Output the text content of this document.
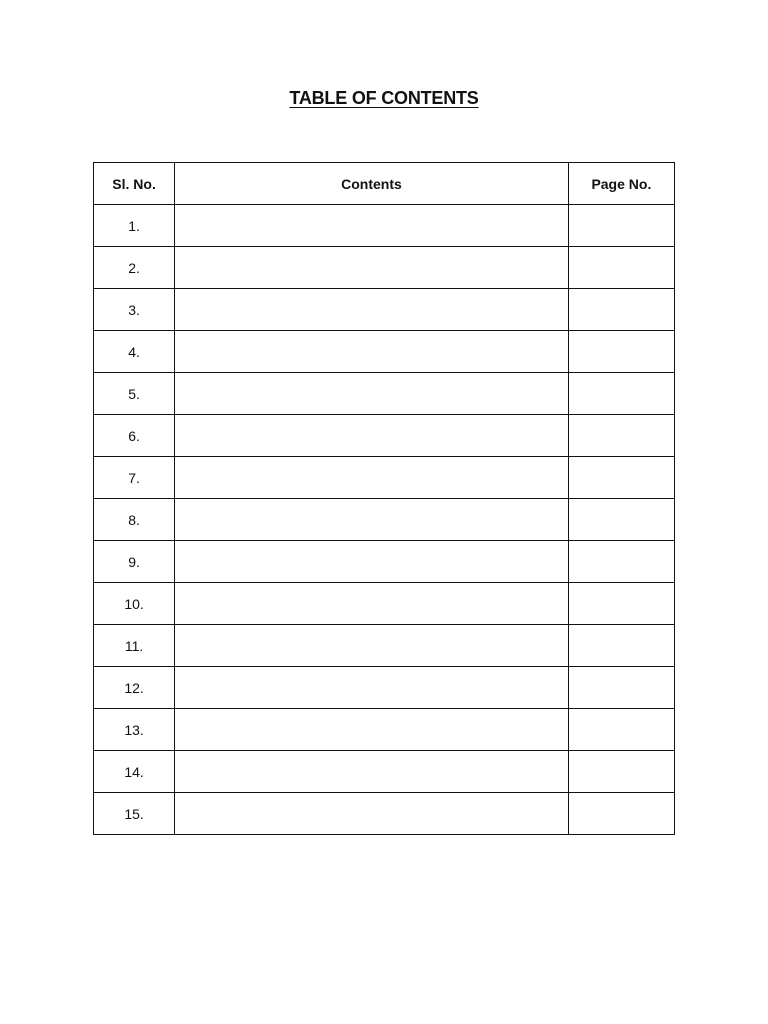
TABLE OF CONTENTS
Sl. No.	Contents	Page No.
1.		
2.		
3.		
4.		
5.		
6.		
7.		
8.		
9.		
10.		
11.		
12.		
13.		
14.		
15.		
